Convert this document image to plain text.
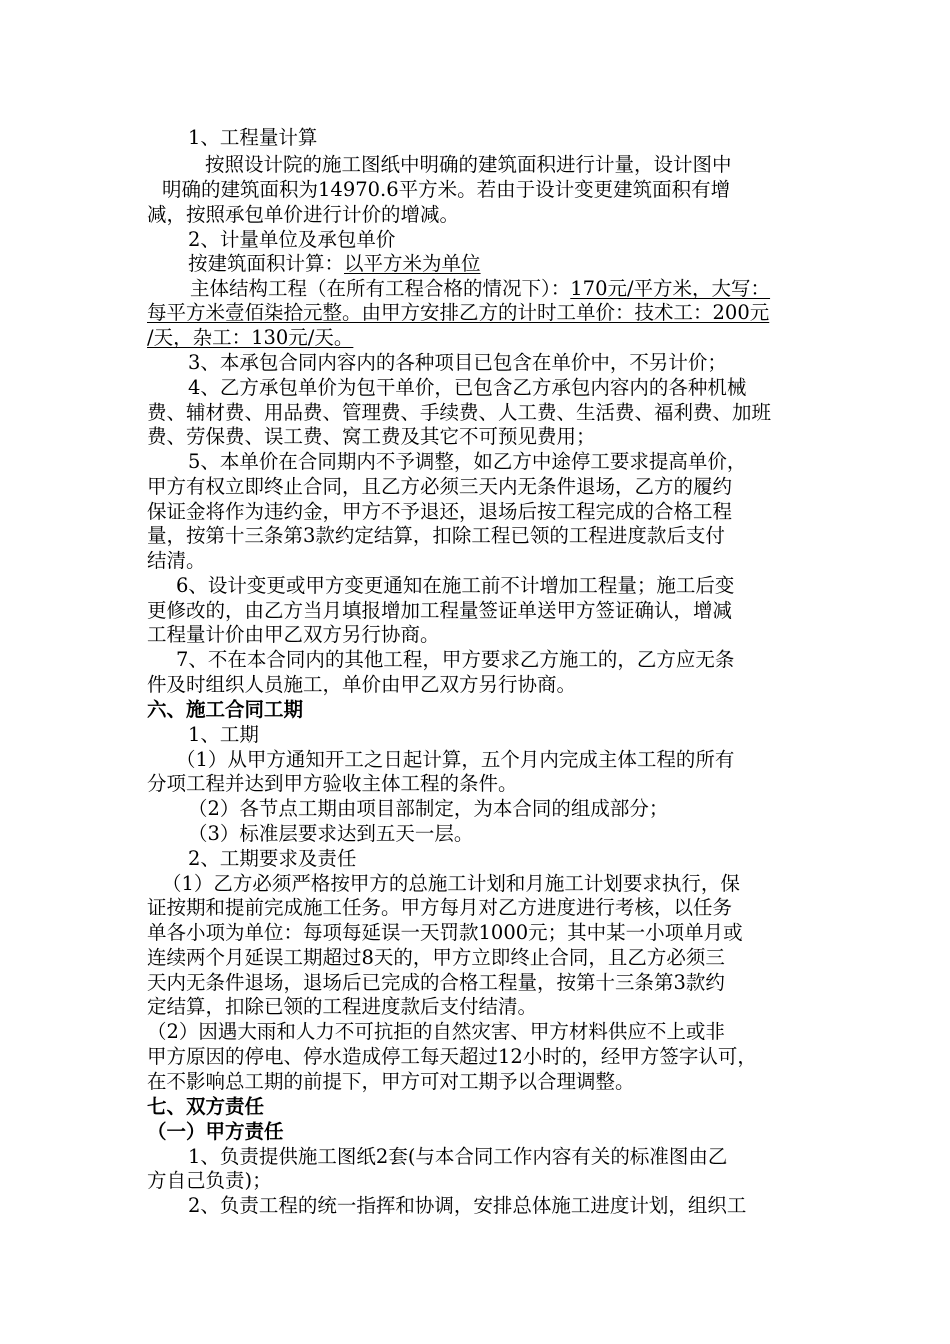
1、工程量计算

按照设计院的施工图纸中明确的建筑面积进行计量，设计图中

明确的建筑面积为14970.6平方米。若由于设计变更建筑面积有增

减，按照承包单价进行计价的增减。

2、计量单位及承包单价

按建筑面积计算：以平方米为单位

主体结构工程（在所有工程合格的情况下）：170元/平方米，大写：

每平方米壹佰柒拾元整。由甲方安排乙方的计时工单价：技术工：200元

/天，杂工：130元/天。

3、本承包合同内容内的各种项目已包含在单价中，不另计价；

4、乙方承包单价为包干单价，已包含乙方承包内容内的各种机械

费、辅材费、用品费、管理费、手续费、人工费、生活费、福利费、加班

费、劳保费、误工费、窝工费及其它不可预见费用；

5、本单价在合同期内不予调整，如乙方中途停工要求提高单价，

甲方有权立即终止合同，且乙方必须三天内无条件退场，乙方的履约

保证金将作为违约金，甲方不予退还，退场后按工程完成的合格工程

量，按第十三条第3款约定结算，扣除工程已领的工程进度款后支付

结清。

6、设计变更或甲方变更通知在施工前不计增加工程量；施工后变

更修改的，由乙方当月填报增加工程量签证单送甲方签证确认，增减

工程量计价由甲乙双方另行协商。

7、不在本合同内的其他工程，甲方要求乙方施工的，乙方应无条

件及时组织人员施工，单价由甲乙双方另行协商。

六、施工合同工期

1、工期

（1）从甲方通知开工之日起计算，五个月内完成主体工程的所有

分项工程并达到甲方验收主体工程的条件。

（2）各节点工期由项目部制定，为本合同的组成部分；

（3）标准层要求达到五天一层。

2、工期要求及责任

（1）乙方必须严格按甲方的总施工计划和月施工计划要求执行，保

证按期和提前完成施工任务。甲方每月对乙方进度进行考核，以任务

单各小项为单位：每项每延误一天罚款1000元；其中某一小项单月或

连续两个月延误工期超过8天的，甲方立即终止合同，且乙方必须三

天内无条件退场，退场后已完成的合格工程量，按第十三条第3款约

定结算，扣除已领的工程进度款后支付结清。

（2）因遇大雨和人力不可抗拒的自然灾害、甲方材料供应不上或非

甲方原因的停电、停水造成停工每天超过12小时的，经甲方签字认可，

在不影响总工期的前提下，甲方可对工期予以合理调整。

七、双方责任

（一）甲方责任

1、负责提供施工图纸2套(与本合同工作内容有关的标准图由乙

方自己负责)；

2、负责工程的统一指挥和协调，安排总体施工进度计划，组织工
